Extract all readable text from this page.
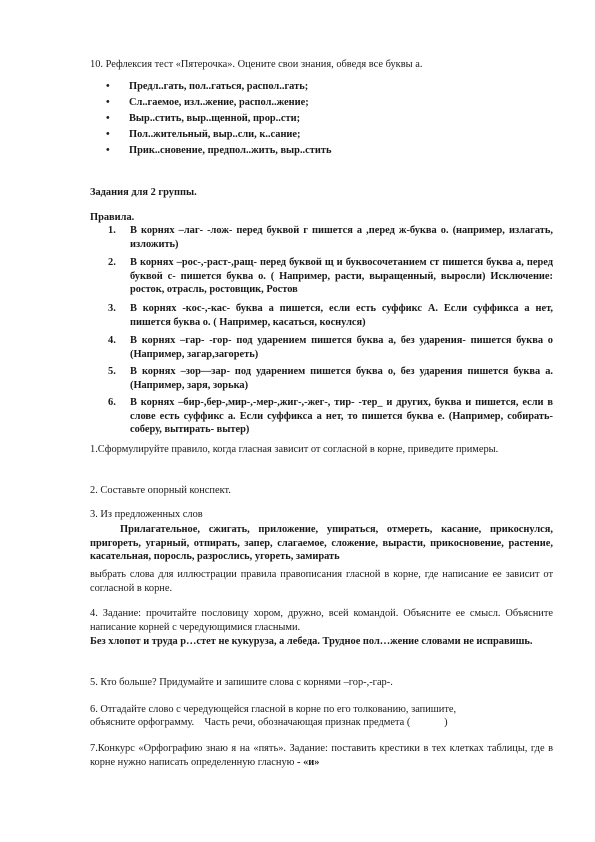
10. Рефлексия тест «Пятерочка». Оцените свои знания, обведя все буквы а.

• Предл..гать, пол..гаться, распол..гать;
• Сл..гаемое, изл..жение, распол..жение;
• Выр..стить, выр..щенной, прор..сти;
• Пол..жительный, выр..сли, к..сание;
• Прик..сновение, предпол..жить, выр..стить

Задания для 2 группы.

Правила.

1. В корнях –лаг- -лож- перед буквой г пишется а ,перед ж-буква о. (например, излагать, изложить)
2. В корнях –рос-,-раст-,ращ- перед буквой щ и буквосочетанием ст пишется буква а, перед буквой с- пишется буква о. ( Например, расти, выращенный, выросли) Исключение: росток, отрасль, ростовщик, Ростов
3. В корнях -кос-,-кас- буква а пишется, если есть суффикс А. Если суффикса а нет, пишется буква о. ( Например, касаться, коснулся)
4. В корнях –гар- -гор- под ударением пишется буква а, без ударения- пишется буква о (Например, загар,загореть)
5. В корнях –зор—зар- под ударением пишется буква о, без ударения пишется буква а. (Например, заря, зорька)
6. В корнях –бир-,бер-,мир-,-мер-,жиг-,-жег-, тир- -тер_ и других, буква и пишется, если в слове есть суффикс а. Если суффикса а нет, то пишется буква е. (Например, собирать-соберу, вытирать- вытер)

1.Сформулируйте правило, когда гласная зависит от согласной в корне, приведите примеры.

2. Составьте опорный конспект.

3. Из предложенных слов

Прилагательное, сжигать, приложение, упираться, отмереть, касание, прикоснулся, пригореть, угарный, отпирать, запер, слагаемое, сложение, вырасти, прикосновение, растение, касательная, поросль, разрослись, угореть, замирать

выбрать слова для иллюстрации правила правописания гласной в корне, где написание ее зависит от согласной в корне.

4. Задание: прочитайте пословицу хором, дружно, всей командой. Объясните ее смысл. Объясните написание корней с чередующимися гласными.

Без хлопот и труда р…стет не кукуруза, а лебеда. Трудное пол…жение словами не исправишь.

5. Кто больше? Придумайте и запишите слова с корнями –гор-,-гар-.

6. Отгадайте слово с чередующейся гласной в корне по его толкованию, запишите,

объясните орфограмму.    Часть речи, обозначающая признак предмета (             )

7.Конкурс «Орфографию знаю я на «пять». Задание: поставить крестики в тех клетках таблицы, где в корне нужно написать определенную гласную - «и»
